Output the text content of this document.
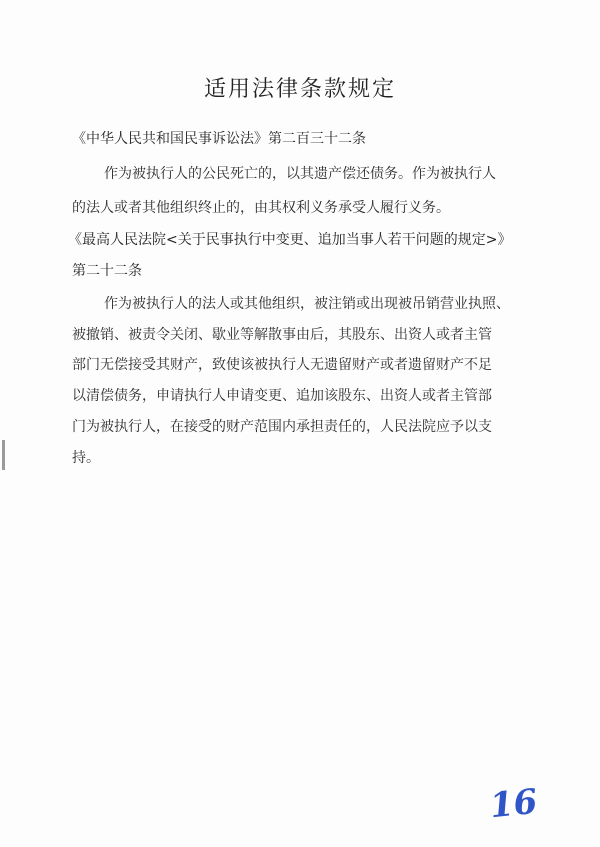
适用法律条款规定
《中华人民共和国民事诉讼法》第二百三十二条
作为被执行人的公民死亡的，以其遗产偿还债务。作为被执行人
的法人或者其他组织终止的，由其权利义务承受人履行义务。
《最高人民法院<关于民事执行中变更、追加当事人若干问题的规定>》
第二十二条
作为被执行人的法人或其他组织，被注销或出现被吊销营业执照、
被撤销、被责令关闭、歇业等解散事由后，其股东、出资人或者主管
部门无偿接受其财产，致使该被执行人无遗留财产或者遗留财产不足
以清偿债务，申请执行人申请变更、追加该股东、出资人或者主管部
门为被执行人，在接受的财产范围内承担责任的，人民法院应予以支
持。
16
